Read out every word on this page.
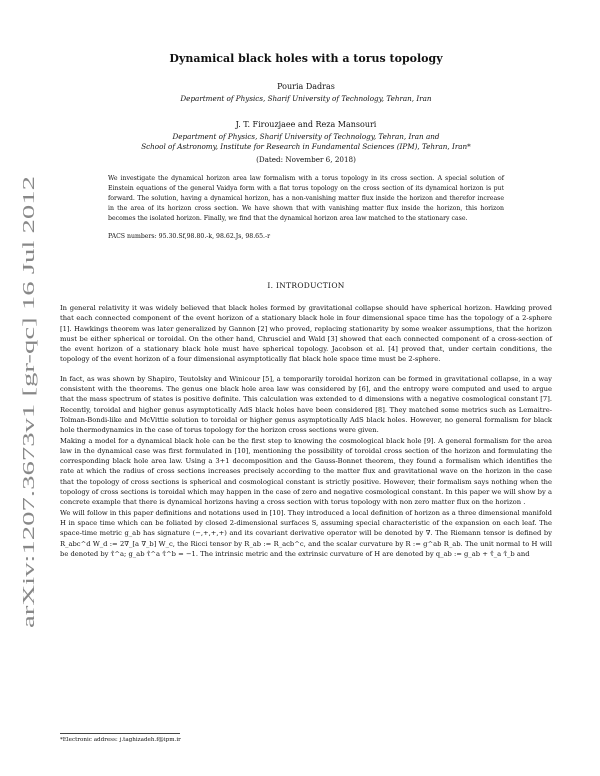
arXiv:1207.3673v1 [gr-qc] 16 Jul 2012
Dynamical black holes with a torus topology
Pouria Dadras
Department of Physics, Sharif University of Technology, Tehran, Iran
J. T. Firouzjaee and Reza Mansouri
Department of Physics, Sharif University of Technology, Tehran, Iran and
School of Astronomy, Institute for Research in Fundamental Sciences (IPM), Tehran, Iran*
(Dated: November 6, 2018)
We investigate the dynamical horizon area law formalism with a torus topology in its cross section. A special solution of Einstein equations of the general Vaidya form with a flat torus topology on the cross section of its dynamical horizon is put forward. The solution, having a dynamical horizon, has a non-vanishing matter flux inside the horizon and therefor increase in the area of its horizon cross section. We have shown that with vanishing matter flux inside the horizon, this horizon becomes the isolated horizon. Finally, we find that the dynamical horizon area law matched to the stationary case.
PACS numbers: 95.30.Sf,98.80.-k, 98.62.Js, 98.65.-r
I. INTRODUCTION

In general relativity it was widely believed that black holes formed by gravitational collapse should have spherical horizon. Hawking proved that each connected component of the event horizon of a stationary black hole in four dimensional space time has the topology of a 2-sphere [1]. Hawkings theorem was later generalized by Gannon [2] who proved, replacing stationarity by some weaker assumptions, that the horizon must be either spherical or toroidal. On the other hand, Chrusciel and Wald [3] showed that each connected component of a cross-section of the event horizon of a stationary black hole must have spherical topology. Jacobson et al. [4] proved that, under certain conditions, the topology of the event horizon of a four dimensional asymptotically flat black hole space time must be 2-sphere.

In fact, as was shown by Shapiro, Teutolsky and Winicour [5], a temporarily toroidal horizon can be formed in gravitational collapse, in a way consistent with the theorems. The genus one black hole area law was considered by [6], and the entropy were computed and used to argue that the mass spectrum of states is positive definite. This calculation was extended to d dimensions with a negative cosmological constant [7]. Recently, toroidal and higher genus asymptotically AdS black holes have been considered [8]. They matched some metrics such as Lemaitre-Tolman-Bondi-like and McVittie solution to toroidal or higher genus asymptotically AdS black holes. However, no general formalism for black hole thermodynamics in the case of torus topology for the horizon cross sections were given.

Making a model for a dynamical black hole can be the first step to knowing the cosmological black hole [9]. A general formalism for the area law in the dynamical case was first formulated in [10], mentioning the possibility of toroidal cross section of the horizon and formulating the corresponding black hole area law. Using a 3+1 decomposition and the Gauss-Bonnet theorem, they found a formalism which identifies the rate at which the radius of cross sections increases precisely according to the matter flux and gravitational wave on the horizon in the case that the topology of cross sections is spherical and cosmological constant is strictly positive. However, their formalism says nothing when the topology of cross sections is toroidal which may happen in the case of zero and negative cosmological constant. In this paper we will show by a concrete example that there is dynamical horizons having a cross section with torus topology with non zero matter flux on the horizon .

We will follow in this paper definitions and notations used in [10]. They introduced a local definition of horizon as a three dimensional manifold H in space time which can be foliated by closed 2-dimensional surfaces S, assuming special characteristic of the expansion on each leaf. The space-time metric g_ab has signature (−,+,+,+) and its covariant derivative operator will be denoted by ∇. The Riemann tensor is defined by R_abc^d W_d := 2∇_[a ∇_b] W_c, the Ricci tensor by R_ab := R_acb^c, and the scalar curvature by R := g^ab R_ab. The unit normal to H will be denoted by τ̂^a; g_ab τ̂^a τ̂^b = −1. The intrinsic metric and the extrinsic curvature of H are denoted by q_ab := g_ab + τ̂_a τ̂_b and

*Electronic address: j.taghizadeh.f@ipm.ir
